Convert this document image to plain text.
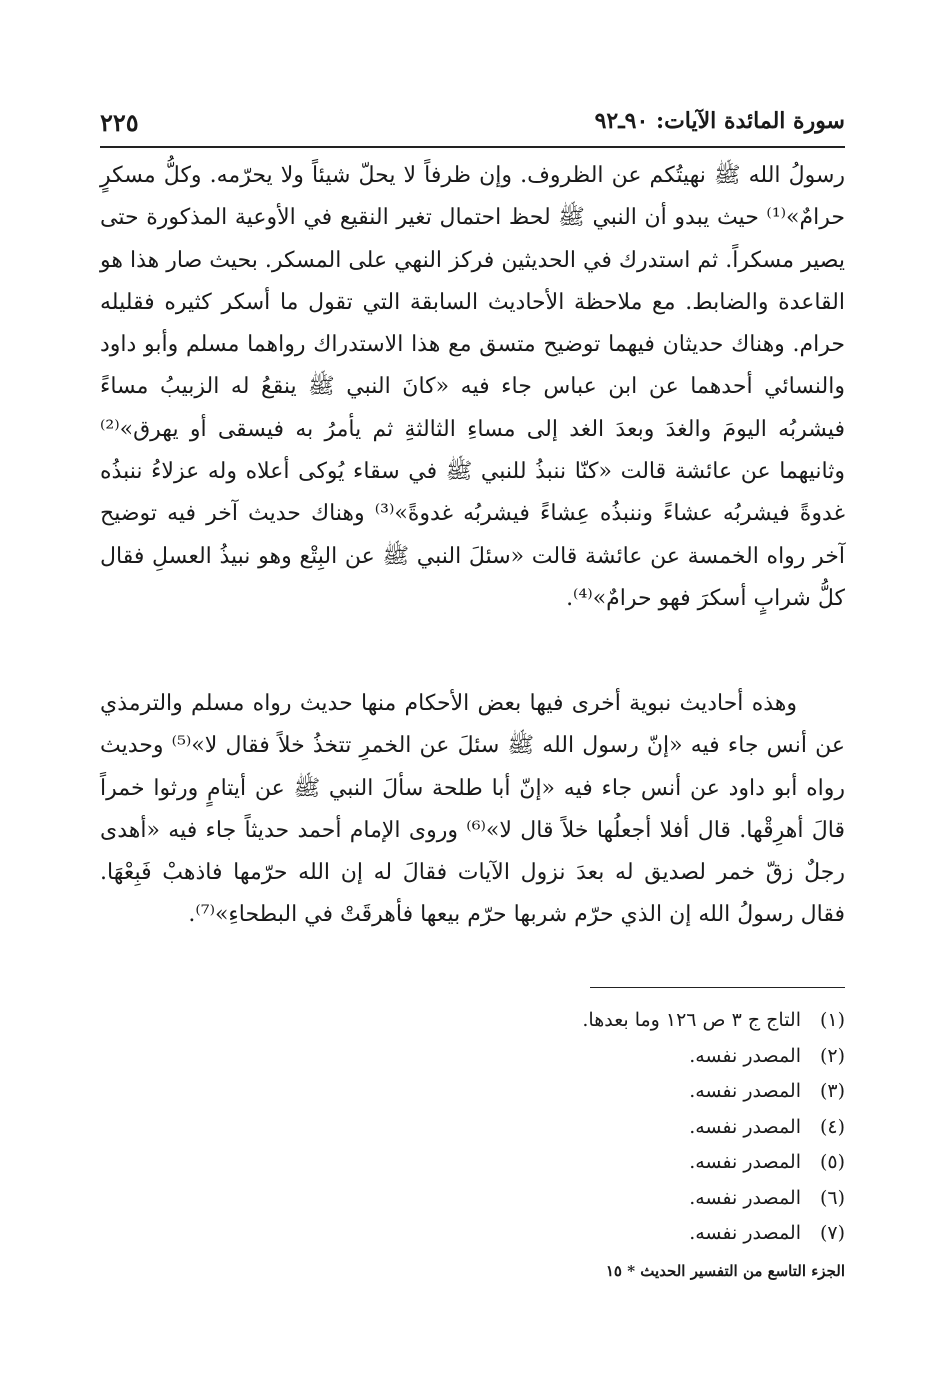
سورة المائدة الآيات: ٩٠ـ٩٢
٢٢٥

رسولُ الله ﷺ نهيتُكم عن الظروف. وإن ظرفاً لا يحلّ شيئاً ولا يحرّمه. وكلُّ مسكرٍ حرامٌ»⁽¹⁾ حيث يبدو أن النبي ﷺ لحظ احتمال تغير النقيع في الأوعية المذكورة حتى يصير مسكراً. ثم استدرك في الحديثين فركز النهي على المسكر. بحيث صار هذا هو القاعدة والضابط. مع ملاحظة الأحاديث السابقة التي تقول ما أسكر كثيره فقليله حرام. وهناك حديثان فيهما توضيح متسق مع هذا الاستدراك رواهما مسلم وأبو داود والنسائي أحدهما عن ابن عباس جاء فيه «كانَ النبي ﷺ ينقعُ له الزبيبُ مساءً فيشربُه اليومَ والغدَ وبعدَ الغد إلى مساءِ الثالثةِ ثم يأمرُ به فيسقى أو يهرق»⁽²⁾ وثانيهما عن عائشة قالت «كنّا ننبذُ للنبي ﷺ في سقاء يُوكى أعلاه وله عزلاءُ ننبذُه غدوةً فيشربُه عشاءً وننبذُه عِشاءً فيشربُه غدوةً»⁽³⁾ وهناك حديث آخر فيه توضيح آخر رواه الخمسة عن عائشة قالت «سئلَ النبي ﷺ عن البِتْع وهو نبيذُ العسلِ فقال كلُّ شرابٍ أسكرَ فهو حرامٌ»⁽⁴⁾.

وهذه أحاديث نبوية أخرى فيها بعض الأحكام منها حديث رواه مسلم والترمذي عن أنس جاء فيه «إنّ رسول الله ﷺ سئلَ عن الخمرِ تتخذُ خلاً فقال لا»⁽⁵⁾ وحديث رواه أبو داود عن أنس جاء فيه «إنّ أبا طلحة سألَ النبي ﷺ عن أيتامٍ ورثوا خمراً قالَ أهرِقْها. قال أفلا أجعلُها خلاً قال لا»⁽⁶⁾ وروى الإمام أحمد حديثاً جاء فيه «أهدى رجلٌ زقّ خمر لصديق له بعدَ نزول الآيات فقالَ له إن الله حرّمها فاذهبْ فَبِعْهَا. فقال رسولُ الله إن الذي حرّم شربها حرّم بيعها فأهرقَتْ في البطحاءِ»⁽⁷⁾.

(١)التاج ج ٣ ص ١٢٦ وما بعدها.
(٢)المصدر نفسه.
(٣)المصدر نفسه.
(٤)المصدر نفسه.
(٥)المصدر نفسه.
(٦)المصدر نفسه.
(٧)المصدر نفسه.
الجزء التاسع من التفسير الحديث * ١٥
